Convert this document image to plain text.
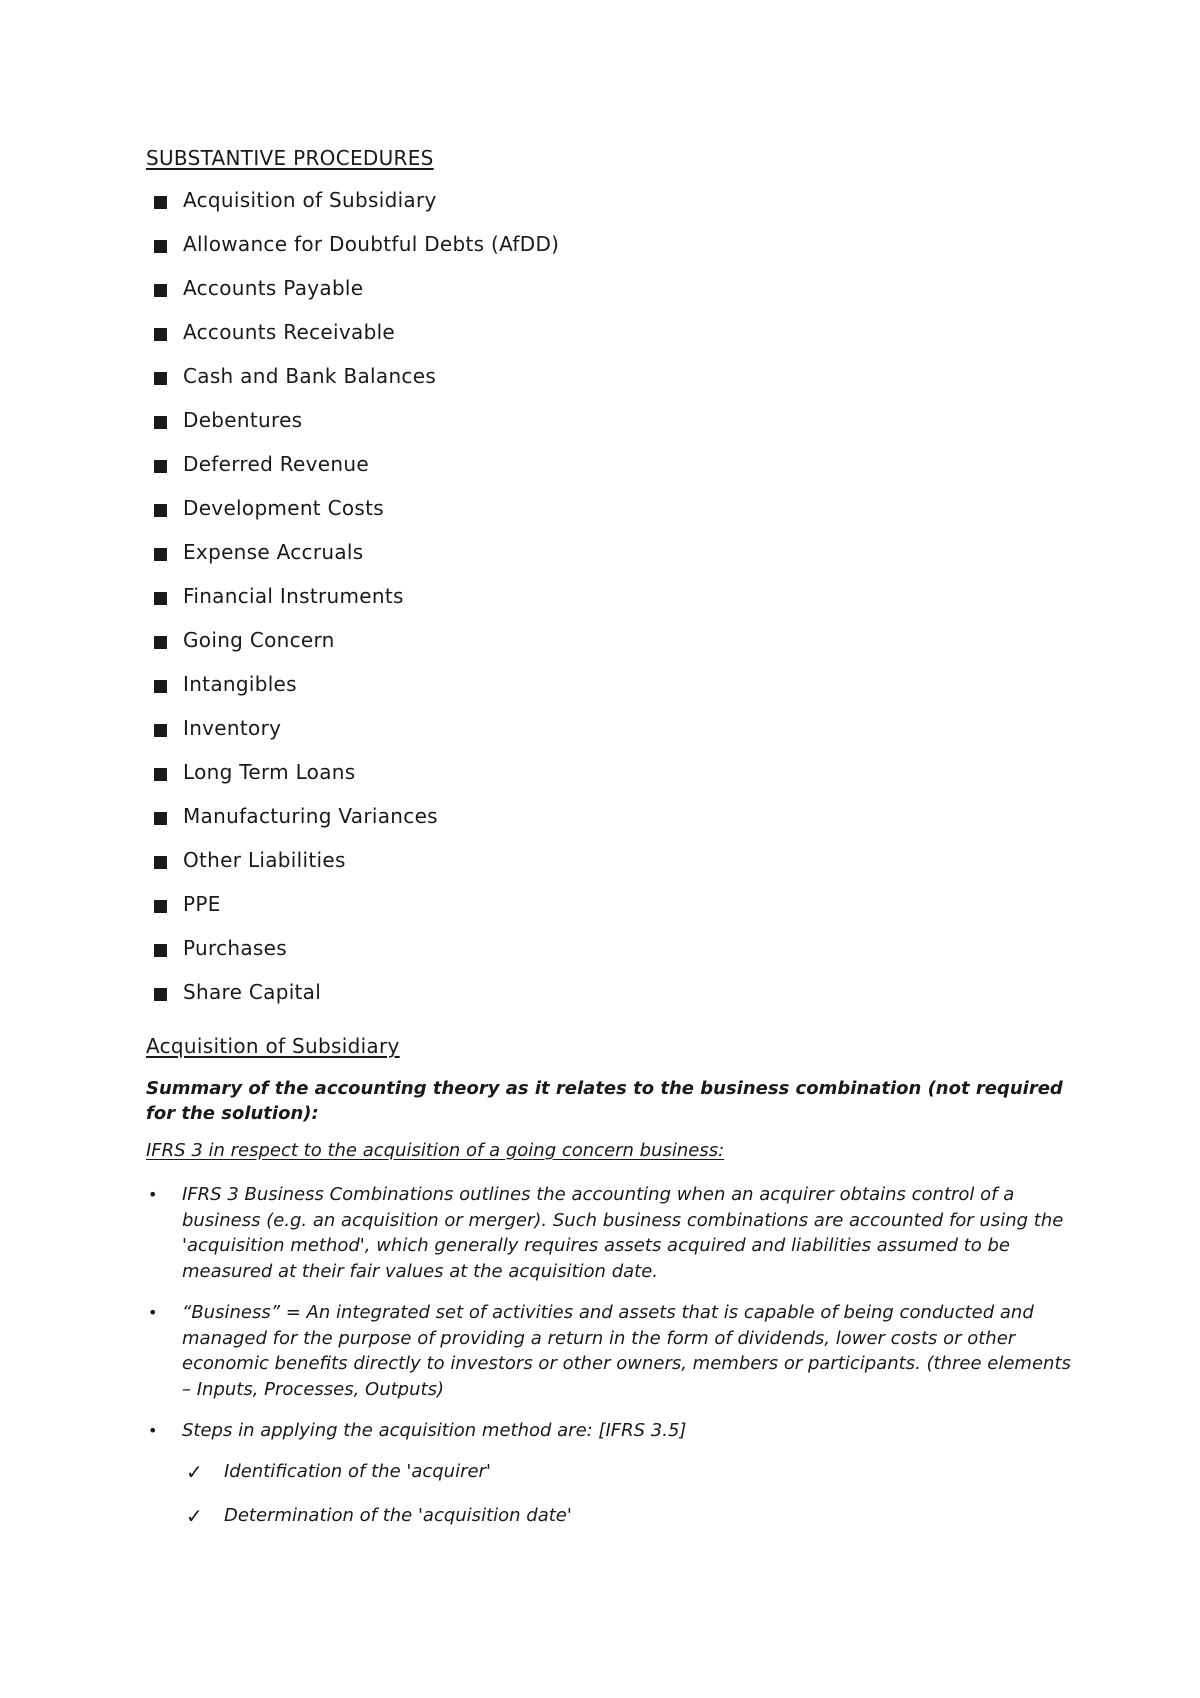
SUBSTANTIVE PROCEDURES
Acquisition of Subsidiary
Allowance for Doubtful Debts (AfDD)
Accounts Payable
Accounts Receivable
Cash and Bank Balances
Debentures
Deferred Revenue
Development Costs
Expense Accruals
Financial Instruments
Going Concern
Intangibles
Inventory
Long Term Loans
Manufacturing Variances
Other Liabilities
PPE
Purchases
Share Capital
Acquisition of Subsidiary
Summary of the accounting theory as it relates to the business combination (not required for the solution):
IFRS 3 in respect to the acquisition of a going concern business:
• IFRS 3 Business Combinations outlines the accounting when an acquirer obtains control of a business (e.g. an acquisition or merger). Such business combinations are accounted for using the 'acquisition method', which generally requires assets acquired and liabilities assumed to be measured at their fair values at the acquisition date.
• “Business” = An integrated set of activities and assets that is capable of being conducted and managed for the purpose of providing a return in the form of dividends, lower costs or other economic benefits directly to investors or other owners, members or participants. (three elements – Inputs, Processes, Outputs)
• Steps in applying the acquisition method are: [IFRS 3.5]
✓ Identification of the 'acquirer'
✓ Determination of the 'acquisition date'
